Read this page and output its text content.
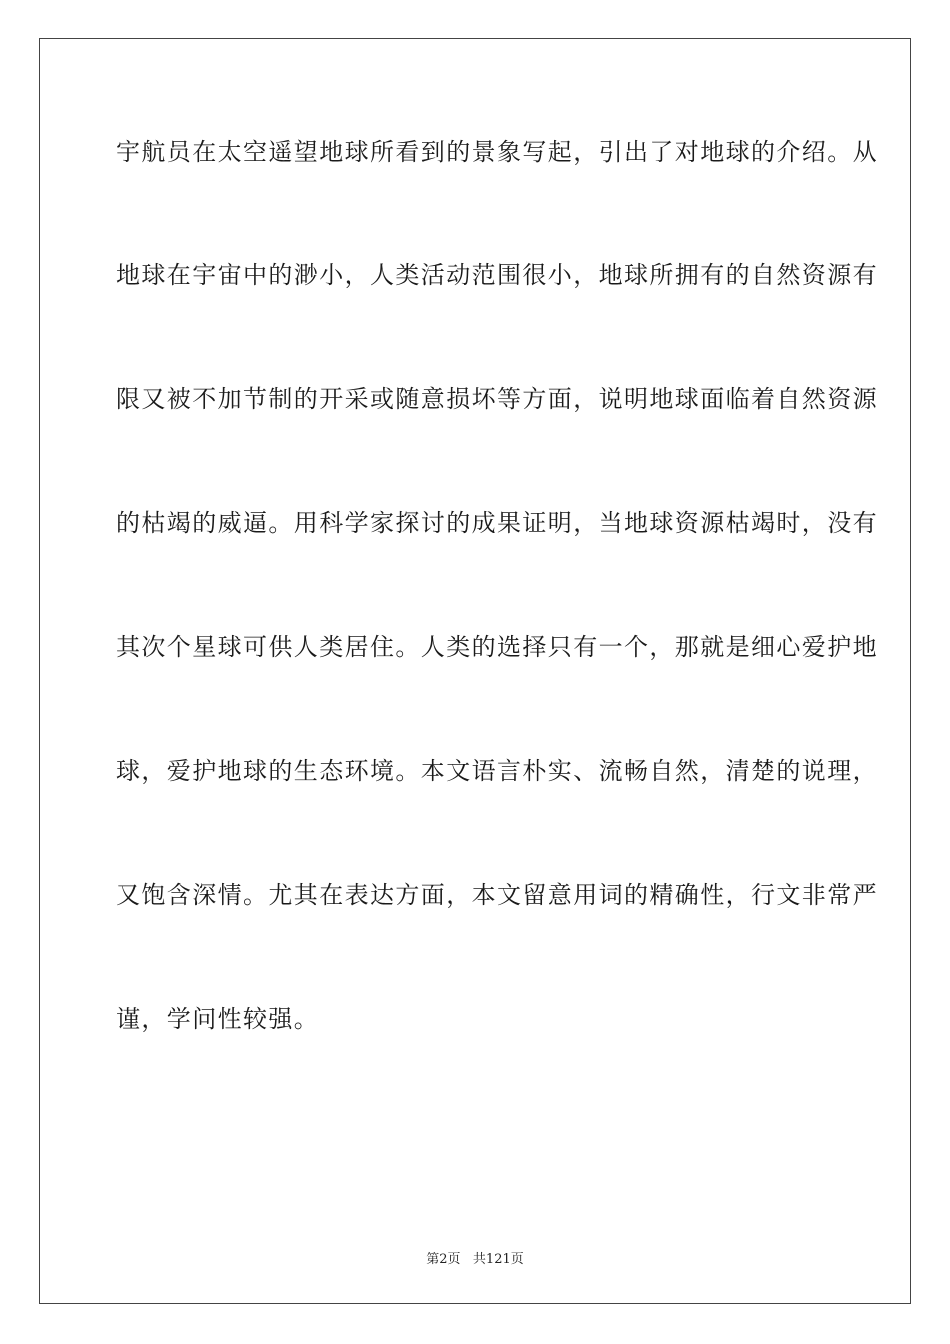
宇航员在太空遥望地球所看到的景象写起，引出了对地球的介绍。从
地球在宇宙中的渺小，人类活动范围很小，地球所拥有的自然资源有
限又被不加节制的开采或随意损坏等方面，说明地球面临着自然资源
的枯竭的威逼。用科学家探讨的成果证明，当地球资源枯竭时，没有
其次个星球可供人类居住。人类的选择只有一个，那就是细心爱护地
球，爱护地球的生态环境。本文语言朴实、流畅自然，清楚的说理，
又饱含深情。尤其在表达方面，本文留意用词的精确性，行文非常严
谨，学问性较强。
第2页 共121页
